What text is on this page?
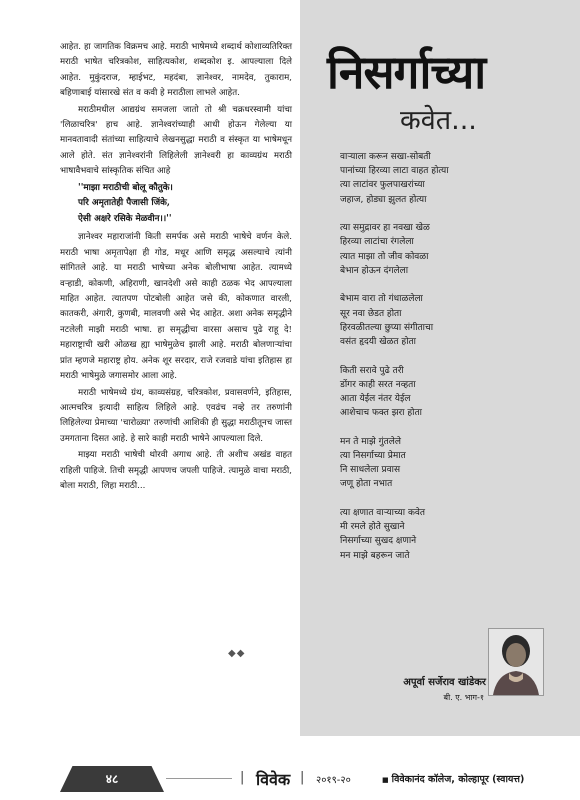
आहेत. हा जागतिक विक्रमच आहे. मराठी भाषेमध्ये शब्दार्थ कोशाव्यतिरिक्त मराठी भाषेत चरित्रकोश, साहित्यकोश, शब्दकोश इ. आपल्याला दिले आहेत. मुकुंदराज, म्हाईभट, महदंबा, ज्ञानेश्वर, नामदेव, तुकाराम, बहिणाबाई यांसारखे संत व कवी हे मराठीला लाभले आहेत.

मराठीमधील आद्यग्रंथ समजला जातो तो श्री चक्रधरस्वामी यांचा 'लिळाचरित्र' हाच आहे. ज्ञानेश्वरांच्याही आधी होऊन गेलेल्या या मानवतावादी संतांच्या साहित्याचे लेखनसुद्धा मराठी व संस्कृत या भाषेमधून आले होते. संत ज्ञानेश्वरांनी लिहिलेली ज्ञानेश्वरी हा काव्यग्रंथ मराठी भाषावैभवाचे सांस्कृतिक संचित आहे

''माझा मराठीची बोलू कौतुके।
परि अमृतातेही पैजासी जिंके,
ऐसी अक्षरे रसिके मेळवीन।।''

ज्ञानेश्वर महाराजांनी किती समर्पक असे मराठी भाषेचे वर्णन केले. मराठी भाषा अमृतापेक्षा ही गोड, मधूर आणि समृद्ध असल्याचे त्यांनी सांगितले आहे. या मराठी भाषेच्या अनेक बोलीभाषा आहेत. त्यामध्ये वऱ्हाडी, कोकणी, अहिराणी, खानदेशी असे काही ठळक भेद आपल्याला माहित आहेत. त्यातपण पोटबोली आहेत जसे की, कोकणात वारली, कातकरी, अंगारी, कुणबी, मालवणी असे भेद आहेत. अशा अनेक समृद्धीने नटलेली माझी मराठी भाषा. हा समृद्धीचा वारसा असाच पुढे राहू दे! महाराष्ट्राची खरी ओळख ह्या भाषेमुळेच झाली आहे. मराठी बोलणाऱ्यांचा प्रांत म्हणजे महाराष्ट्र होय. अनेक शूर सरदार, राजे रजवाडे यांचा इतिहास हा मराठी भाषेमुळे जगासमोर आला आहे.

मराठी भाषेमध्ये ग्रंथ, काव्यसंग्रह, चरित्रकोश, प्रवासवर्णने, इतिहास, आत्मचरित्र इत्यादी साहित्य लिहिले आहे. एवढंच नव्हे तर तरुणांनी लिहिलेल्या प्रेमाच्या 'चारोळ्या' तरुणांची आशिकी ही सुद्धा मराठीतूनच जास्त उमगताना दिसत आहे. हे सारे काही मराठी भाषेने आपल्याला दिले.

माझ्या मराठी भाषेची थोरवी अगाध आहे. ती अशीच अखंड वाहत राहिली पाहिजे. तिची समृद्धी आपणच जपली पाहिजे. त्यामुळे वाचा मराठी, बोला मराठी, लिहा मराठी...

◆◆
निसर्गाच्या
कवेत...
वाऱ्याला करून सखा-सोबती
पानांच्या हिरव्या लाटा वाहत होत्या
त्या लाटांवर फुलपाखरांच्या
जहाज, होड्या झुलत होत्या
त्या समुद्रावर हा नवखा खेळ
हिरव्या लाटांचा रंगलेला
त्यात माझा तो जीव कोवळा
बेभान होऊन दंगलेला
बेभाम वारा तो गंधाळलेला
सूर नवा छेडत होता
हिरवळीतल्या छुप्या संगीताचा
वसंत हृदयी खेळत होता
किती सरावे पुढे तरी
डोंगर काही सरत नव्हता
आता येईल नंतर येईल
आशेचाच फक्त झरा होता
मन ते माझे गुंतलेले
त्या निसर्गाच्या प्रेमात
नि साधलेला प्रवास
जणू होता नभात
त्या क्षणात वाऱ्याच्या कवेत
मी रमले होते सुखाने
निसर्गाच्या सुखद क्षणाने
मन माझे बहरून जाते
अपूर्वा सर्जेराव खांडेकर
बी. ए. भाग-१
४८	| विवेक | २०१९-२०	■ विवेकानंद कॉलेज, कोल्हापूर (स्वायत्त)
